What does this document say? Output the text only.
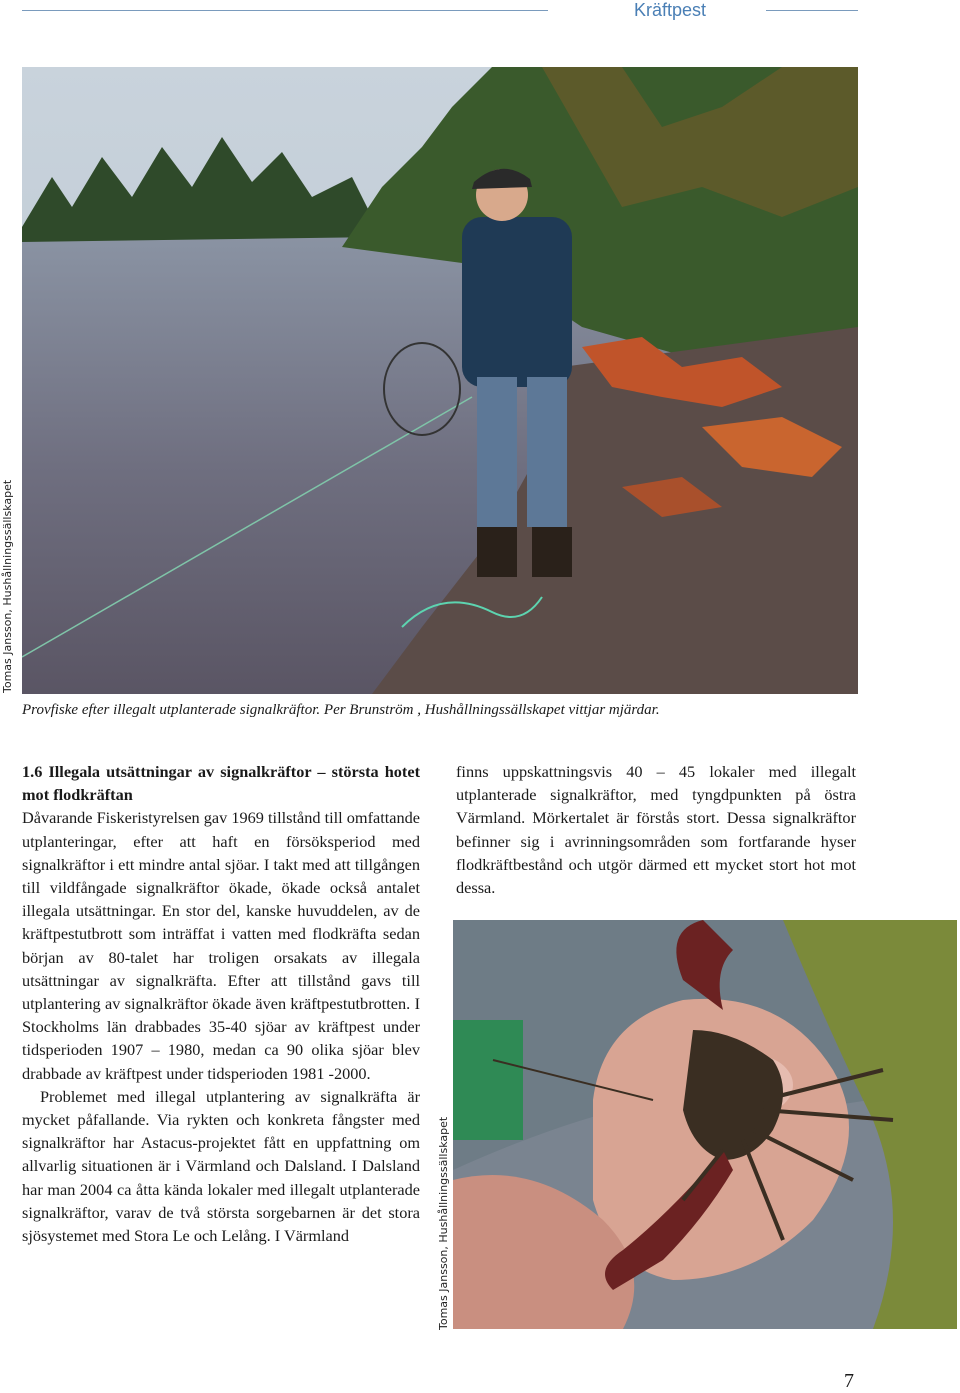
Kräftpest
Tomas Jansson, Hushållningssällskapet
Provfiske efter illegalt utplanterade signalkräftor. Per Brunström , Hushållningssällskapet vittjar mjärdar.

1.6 Illegala utsättningar av signalkräftor – största hotet mot flodkräftan

Dåvarande Fiskeristyrelsen gav 1969 tillstånd till omfattande utplanteringar, efter att haft en försöksperiod med signalkräftor i ett mindre antal sjöar. I takt med att tillgången till vildfångade signalkräftor ökade, ökade också antalet illegala utsättningar. En stor del, kanske huvuddelen, av de kräftpestutbrott som inträffat i vatten med flodkräfta sedan början av 80-talet har troligen orsakats av illegala utsättningar av signalkräfta. Efter att tillstånd gavs till utplantering av signalkräftor ökade även kräftpestutbrotten. I Stockholms län drabbades 35-40 sjöar av kräftpest under tidsperioden 1907 – 1980, medan ca 90 olika sjöar blev drabbade av kräftpest under tidsperioden 1981 -2000.

Problemet med illegal utplantering av signalkräfta är mycket påfallande. Via rykten och konkreta fångster med signalkräftor har Astacus-projektet fått en uppfattning om allvarlig situationen är i Värmland och Dalsland. I Dalsland har man 2004 ca åtta kända lokaler med illegalt utplanterade signalkräftor, varav de två största sorgebarnen är det stora sjösystemet med Stora Le och Lelång. I Värmland

finns uppskattningsvis 40 – 45 lokaler med illegalt utplanterade signalkräftor, med tyngdpunkten på östra Värmland. Mörkertalet är förstås stort. Dessa signalkräftor befinner sig i avrinningsområden som fortfarande hyser flodkräftbestånd och utgör därmed ett mycket stort hot mot dessa.

Tomas Jansson, Hushållningssällskapet
7
